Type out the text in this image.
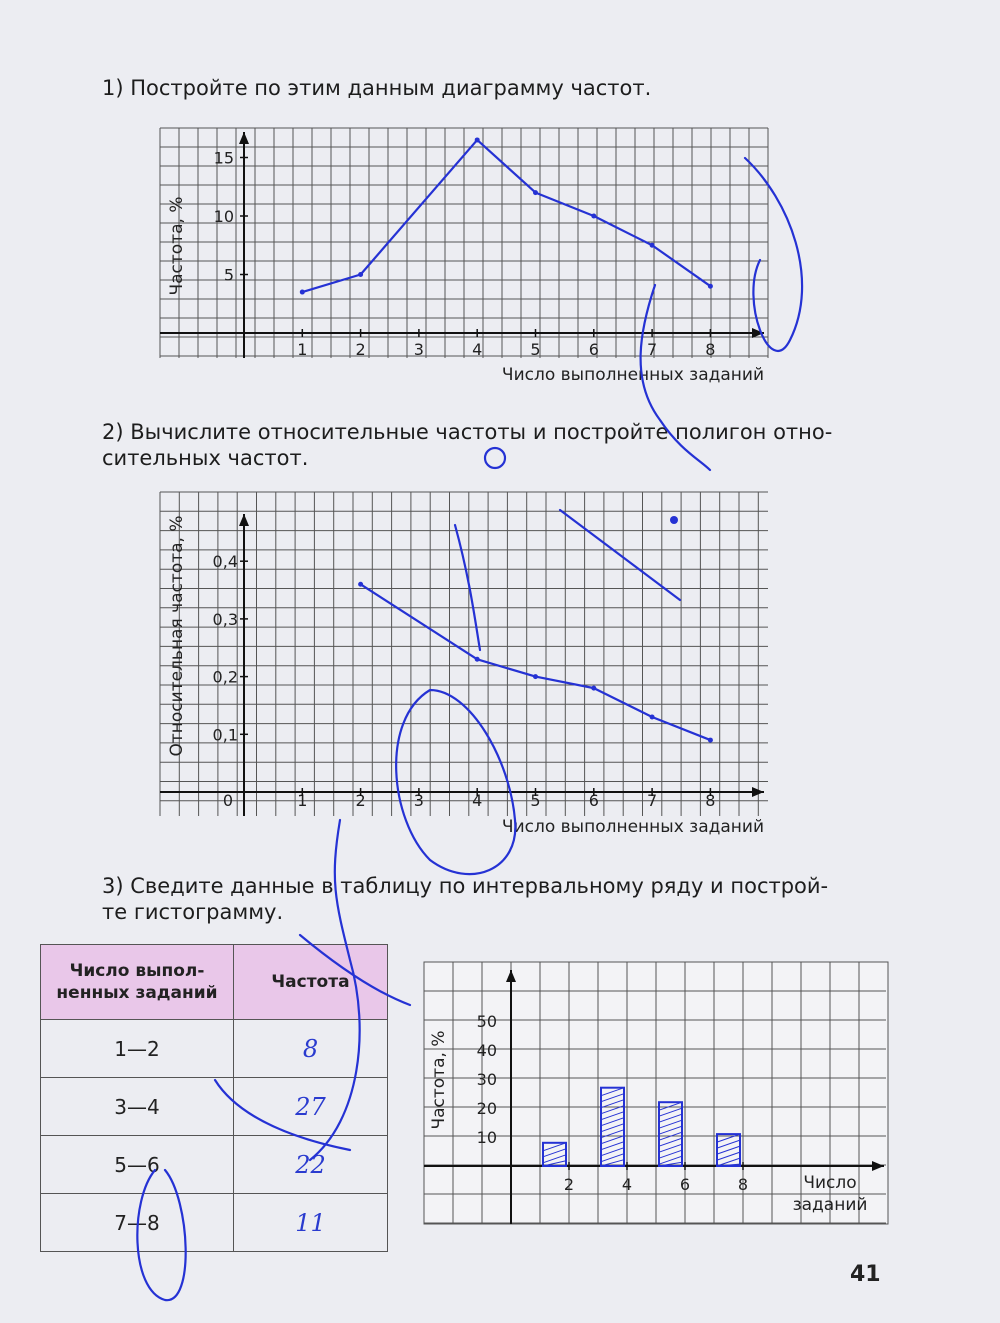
1) Постройте по этим данным диаграмму частот.
1	2	3	4	5	6	7	8
5
10
15
Частота, %
Число выполненных заданий
2) Вычислите относительные частоты и постройте полигон отно-
сительных частот.
1	2	3	4	5	6	7	8
0,1
0,2
0,3
0,4
0
Относительная частота, %
Число выполненных заданий
3) Сведите данные в таблицу по интервальному ряду и построй-
те гистограмму.
Число выпол-
ненных заданий	Частота
1—2	8
3—4	27
5—6	22
7—8	11
2	4	6	8
10
20
30
40
50
Частота, %
Число
заданий
41
